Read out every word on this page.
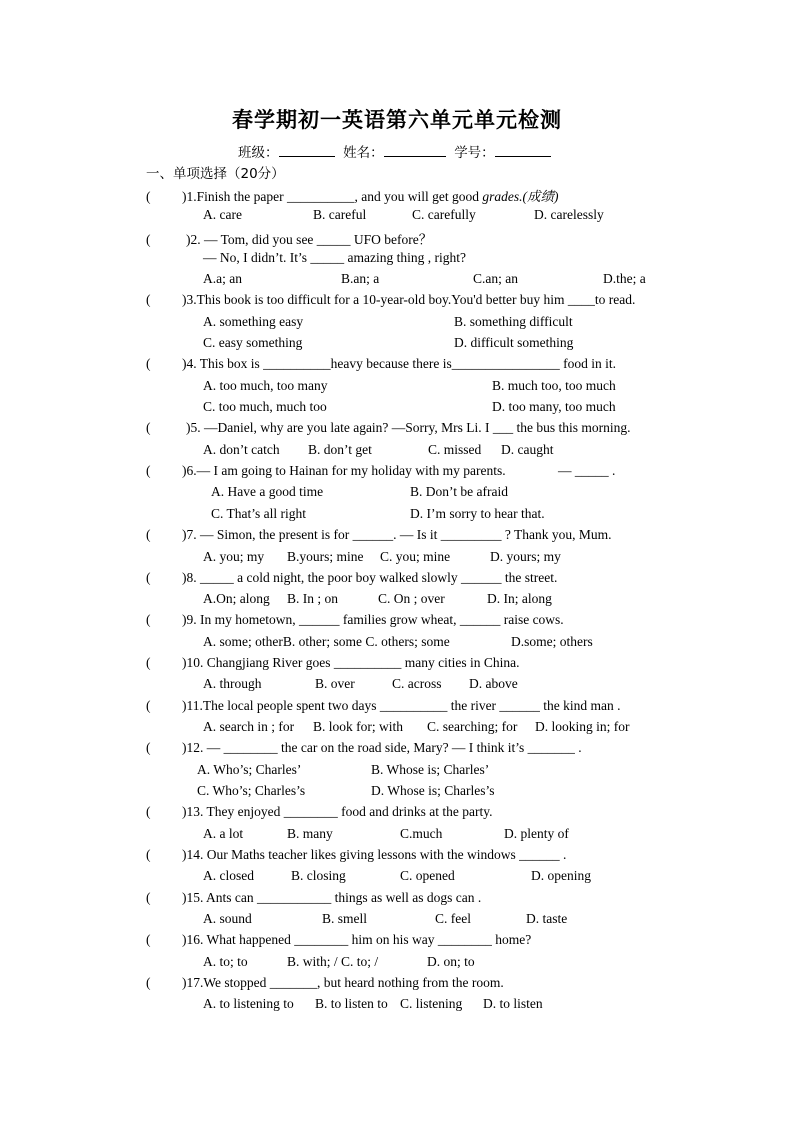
春学期初一英语第六单元单元检测
班级：	姓名：	学号：
一、单项选择（20分）
( )1.Finish the paper __________, and you will get good grades.(成绩)
A. care	B. careful	C. carefully	D. carelessly
(	)2. — Tom, did you see _____ UFO before？
— No, I didn’t. It’s _____ amazing thing , right?
A.a; an	B.an; a	C.an; an	D.the; a
( )3.This book is too difficult for a 10-year-old boy.You'd better buy him ____to read.
A. something easy	B. something difficult
C. easy something	D. difficult something
( )4. This box is __________heavy because there is________________ food in it.
A. too much, too many	B. much too, too much
C. too much, much too	D. too many, too much
(	)5. —Daniel, why are you late again? —Sorry, Mrs Li. I ___ the bus this morning.
A. don’t catch B. don’t get	C. missed D. caught
( )6.— I am going to Hainan for my holiday with my parents.	— _____ .
A. Have a good time	B. Don’t be afraid
C. That’s all right	D. I’m sorry to hear that.
( )7. — Simon, the present is for ______. — Is it _________ ? Thank you, Mum.
A. you; my B.yours; mine C. you; mine	D. yours; my
( )8. _____ a cold night, the poor boy walked slowly ______ the street.
A.On; along B. In ; on	C. On ; over	D. In; along
( )9. In my hometown, ______ families grow wheat, ______ raise cows.
A. some; otherB. other; some C. others; some	D.some; others
( )10. Changjiang River goes __________ many cities in China.
A. through	B. over	C. across D. above
( )11.The local people spent two days __________ the river ______ the kind man .
A. search in ; for B. look for; with C. searching; for D. looking in; for
( )12. — ________ the car on the road side, Mary? — I think it’s _______ .
A. Who’s; Charles’	B. Whose is; Charles’
C. Who’s; Charles’s	D. Whose is; Charles’s
( )13. They enjoyed ________ food and drinks at the party.
A. a lot	B. many	C.much	D. plenty of
( )14. Our Maths teacher likes giving lessons with the windows ______ .
A. closed	B. closing	C. opened	D. opening
( )15. Ants can ___________ things as well as dogs can .
A. sound	B. smell	C. feel	D. taste
( )16. What happened ________ him on his way ________ home?
A. to; to	B. with; / C. to; /	D. on; to
( )17.We stopped _______, but heard nothing from the room.
A. to listening to B. to listen to C. listening D. to listen
